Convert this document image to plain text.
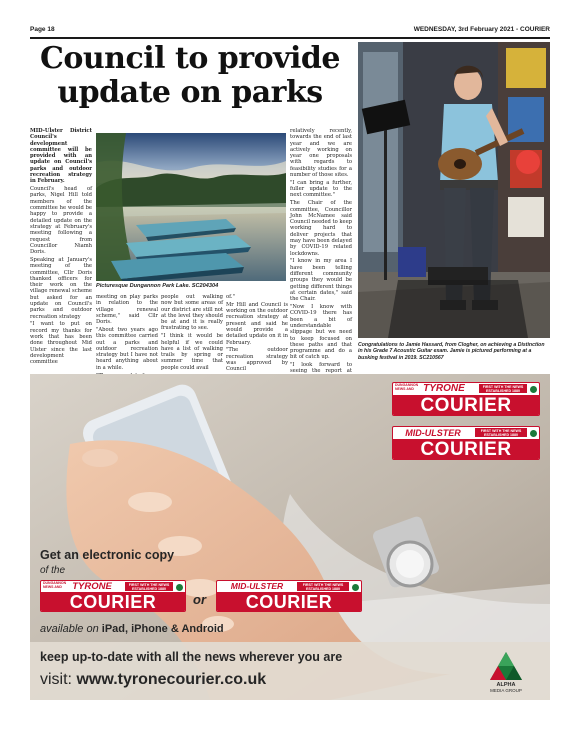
Page 18	WEDNESDAY, 3rd February 2021 - COURIER
Council to provide
update on parks

MID-Ulster District Council's development committee will be provided with an update on Council's parks and outdoor recreation strategy in February.

Council's head of parks, Nigel Hill told members of the committee he would be happy to provide a detailed update on the strategy at February's meeting following a request from Councillor Niamh Doris.

Speaking at January's meeting of the committee, Cllr Doris thanked officers for their work on the village renewal scheme but asked for an update on Council's parks and outdoor recreation strategy

"I want to put on record my thanks for work that has been done throughout Mid Ulster since the last development committee

Picturesque Dungannon Park Lake. SC204304

meeting on play parks in relation to the village renewal scheme," said Cllr Doris.

"About two years ago this committee carried out a parks and outdoor recreation strategy but I have not heard anything about in a while.

people out walking now but some areas of our district are still not at the level they should be at and it is really frustrating to see.

"I think it would be helpful if we could have a list of walking trails by spring or summer time that people could avail

of."

Mr Hill and Council is working on the outdoor recreation strategy at present and said he would provide a detailed update on it in February.

"The outdoor recreation strategy was approved by Council

relatively recently, towards the end of last year and we are actively working on year one proposals with regards to feasibility studies for a number of those sites.

"I can bring a further, fuller update to the next committee."

The Chair of the committee, Councillor John McNamee said Council needed to keep working hard to deliver projects that may have been delayed by COVID-19 related lockdowns.

"I know in my area I have been telling different community groups they would be getting different things at certain dates," said the Chair.

"Now I know with COVID-19 there has been a bit of understandable slippage but we need to keep focused on these paths and that programme and do a bit of catch up.

"I look forward to seeing the report at

Congratulations to Jamie Hassard, from Clogher, on achieving a Distinction in his Grade 7 Acoustic Guitar exam. Jamie is pictured performing at a busking festival in 2019. SC210567
DUNGANNON NEWS AND TYRONE	FIRST WITH THE NEWS
ESTABLISHED 1880
COURIER
MID-ULSTER	FIRST WITH THE NEWS
ESTABLISHED 1880
COURIER
Get an electronic copy
of the
DUNGANNON NEWS AND	TYRONE	FIRST WITH THE NEWS
ESTABLISHED 1880
COURIER	or
MID-ULSTER	FIRST WITH THE NEWS
ESTABLISHED 1880
COURIER
available on iPad, iPhone & Android
keep up-to-date with all the news wherever you are
visit: www.tyronecourier.co.uk	ALPHA
MEDIA GROUP
